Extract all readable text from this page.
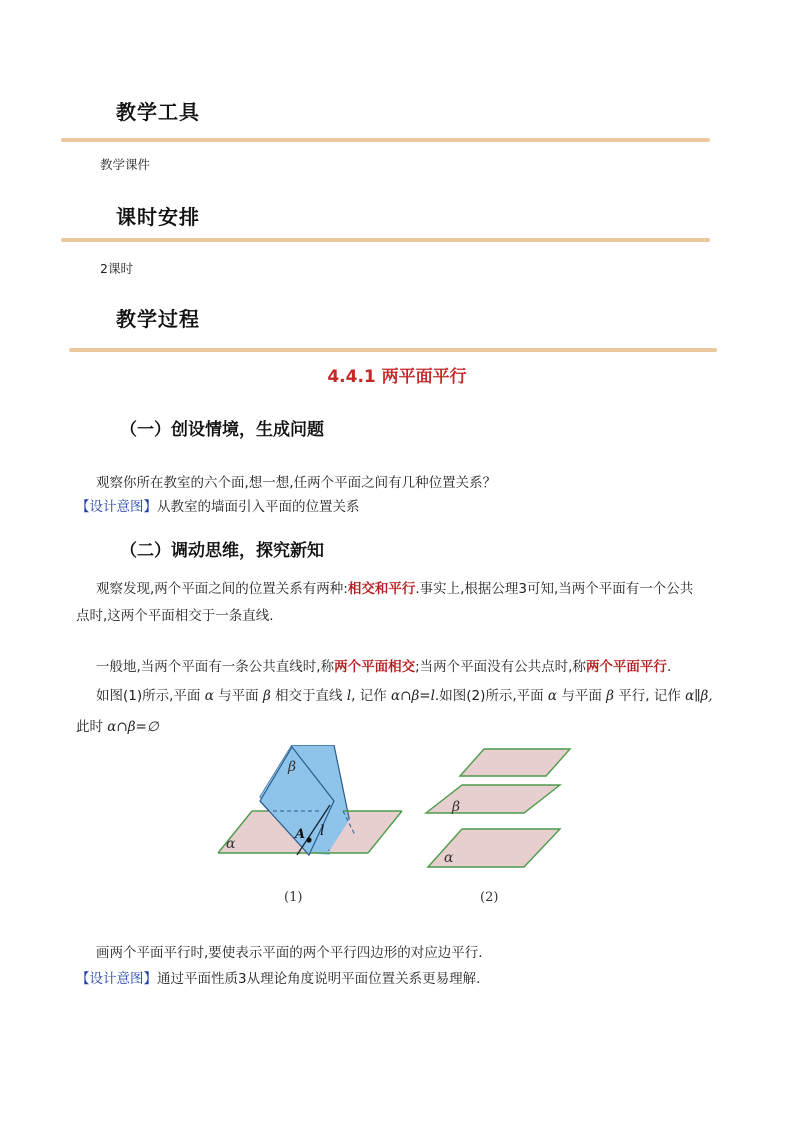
教学工具
教学课件
课时安排
2课时
教学过程
4.4.1 两平面平行
（一）创设情境，生成问题
观察你所在教室的六个面,想一想,任两个平面之间有几种位置关系？
【设计意图】从教室的墙面引入平面的位置关系
（二）调动思维，探究新知
观察发现,两个平面之间的位置关系有两种:相交和平行.事实上,根据公理3可知,当两个平面有一个公共
点时,这两个平面相交于一条直线.
一般地,当两个平面有一条公共直线时,称两个平面相交;当两个平面没有公共点时,称两个平面平行.
如图(1)所示,平面 α 与平面 β 相交于直线 l, 记作 α∩β=l.如图(2)所示,平面 α 与平面 β 平行, 记作 α∥β,
此时 α∩β=∅
β
α
A l
(1)
β
α
(2)
画两个平面平行时,要使表示平面的两个平行四边形的对应边平行.
【设计意图】通过平面性质3从理论角度说明平面位置关系更易理解.
